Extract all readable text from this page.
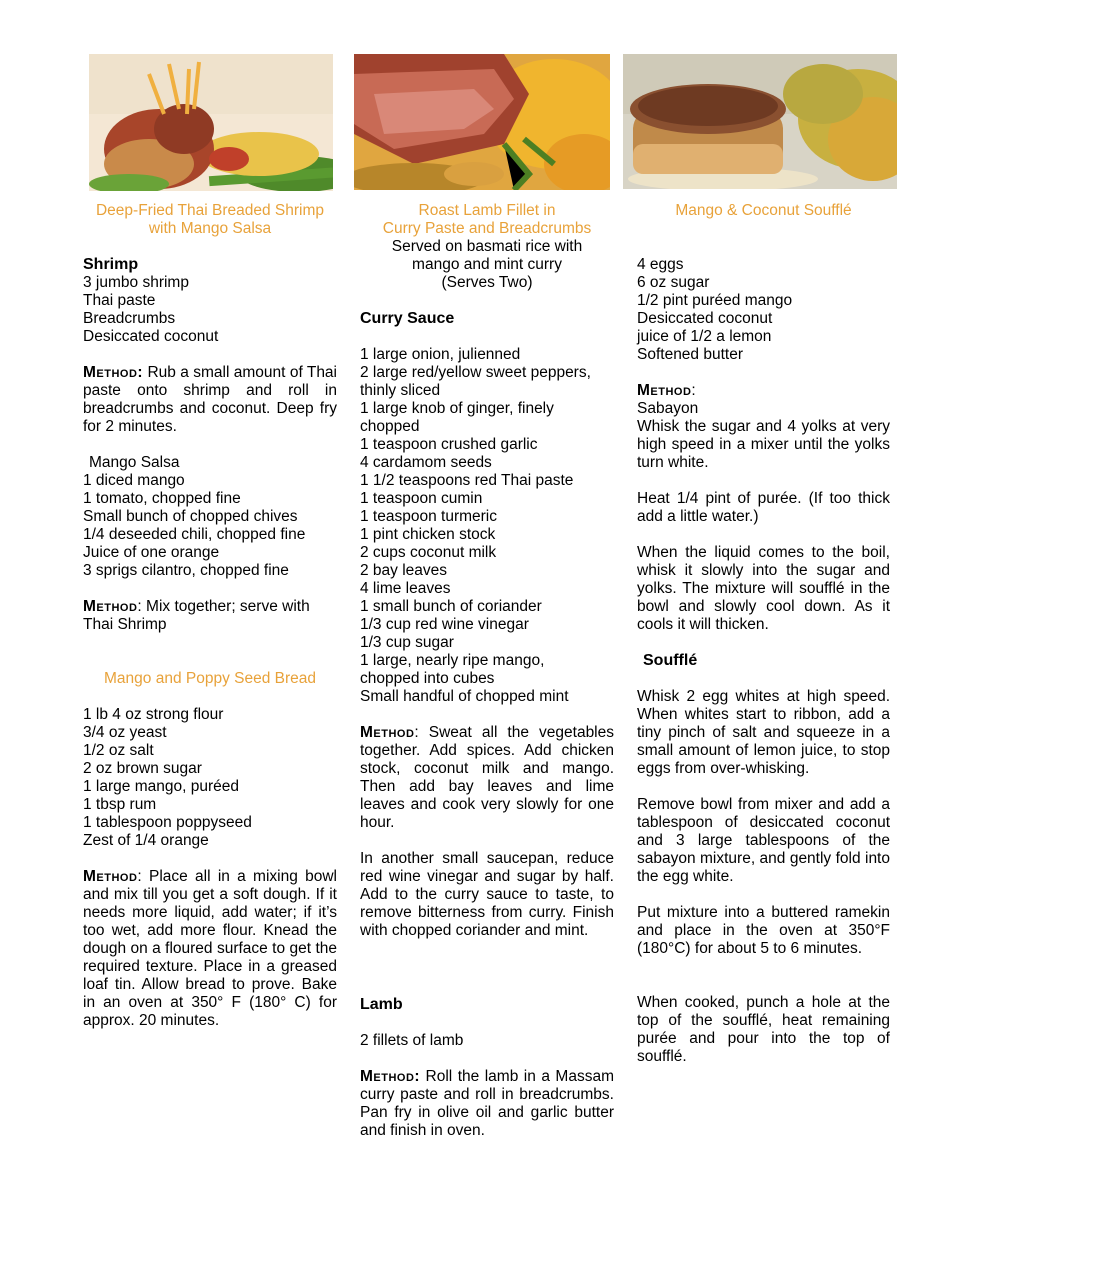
Deep-Fried Thai Breaded Shrimp
with Mango Salsa
Shrimp
3 jumbo shrimp
Thai paste
Breadcrumbs
Desiccated coconut
Method: Rub a small amount of Thai paste onto shrimp and roll in breadcrumbs and coconut. Deep fry for 2 minutes.
Mango Salsa
1 diced mango
1 tomato, chopped fine
Small bunch of chopped chives
1/4 deseeded chili, chopped fine
Juice of one orange
3 sprigs cilantro, chopped fine
Method: Mix together; serve with Thai Shrimp
Mango and Poppy Seed Bread
1 lb 4 oz strong flour
3/4 oz yeast
1/2 oz salt
2 oz brown sugar
1 large mango, puréed
1 tbsp rum
1 tablespoon poppyseed
Zest of 1/4 orange
Method: Place all in a mixing bowl and mix till you get a soft dough. If it needs more liquid, add water; if it’s too wet, add more flour. Knead the dough on a floured surface to get the required texture. Place in a greased loaf tin. Allow bread to prove. Bake in an oven at 350° F (180° C) for approx. 20 minutes.
Roast Lamb Fillet in
Curry Paste and Breadcrumbs
Served on basmati rice with
mango and mint curry
(Serves Two)
Curry Sauce
1 large onion, julienned
2 large red/yellow sweet peppers,
thinly sliced
1 large knob of ginger, finely
chopped
1 teaspoon crushed garlic
4 cardamom seeds
1 1/2 teaspoons red Thai paste
1 teaspoon cumin
1 teaspoon turmeric
1 pint chicken stock
2 cups coconut milk
2 bay leaves
4 lime leaves
1 small bunch of coriander
1/3 cup red wine vinegar
1/3 cup sugar
1 large, nearly ripe mango,
chopped into cubes
Small handful of chopped mint
Method: Sweat all the vegetables together. Add spices. Add chicken stock, coconut milk and mango. Then add bay leaves and lime leaves and cook very slowly for one hour.
In another small saucepan, reduce red wine vinegar and sugar by half. Add to the curry sauce to taste, to remove bitterness from curry. Finish with chopped coriander and mint.
Lamb
2 fillets of lamb
Method: Roll the lamb in a Massam curry paste and roll in breadcrumbs. Pan fry in olive oil and garlic butter and finish in oven.
Mango & Coconut Soufflé
4 eggs
6 oz sugar
1/2 pint puréed mango
Desiccated coconut
juice of 1/2 a lemon
Softened butter
Method:
Sabayon
Whisk the sugar and 4 yolks at very high speed in a mixer until the yolks turn white.
Heat 1/4 pint of purée. (If too thick add a little water.)
When the liquid comes to the boil, whisk it slowly into the sugar and yolks. The mixture will soufflé in the bowl and slowly cool down. As it cools it will thicken.
Soufflé
Whisk 2 egg whites at high speed. When whites start to ribbon, add a tiny pinch of salt and squeeze in a small amount of lemon juice, to stop eggs from over-whisking.
Remove bowl from mixer and add a tablespoon of desiccated coconut and 3 large tablespoons of the sabayon mixture, and gently fold into the egg white.
Put mixture into a buttered ramekin and place in the oven at 350°F (180°C) for about 5 to 6 minutes.
When cooked, punch a hole at the top of the soufflé, heat remaining purée and pour into the top of soufflé.
